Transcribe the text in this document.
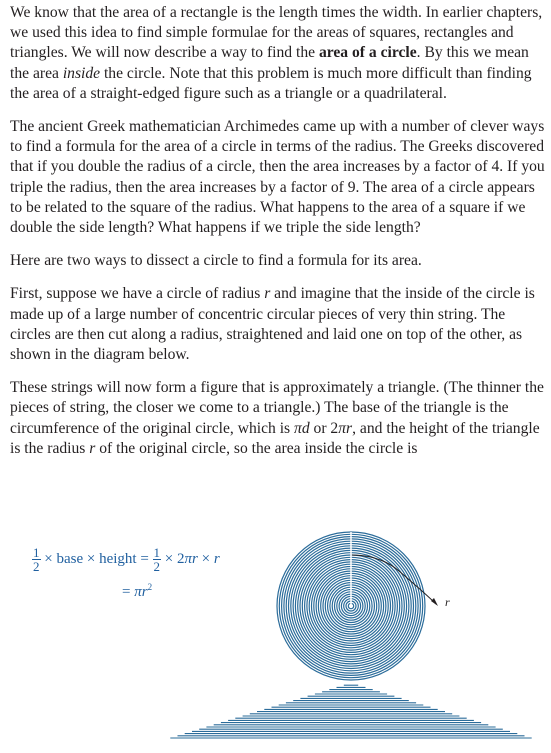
We know that the area of a rectangle is the length times the width. In earlier chapters, we used this idea to find simple formulae for the areas of squares, rectangles and triangles. We will now describe a way to find the area of a circle. By this we mean the area inside the circle. Note that this problem is much more difficult than finding the area of a straight-edged figure such as a triangle or a quadrilateral.

The ancient Greek mathematician Archimedes came up with a number of clever ways to find a formula for the area of a circle in terms of the radius. The Greeks discovered that if you double the radius of a circle, then the area increases by a factor of 4. If you triple the radius, then the area increases by a factor of 9. The area of a circle appears to be related to the square of the radius. What happens to the area of a square if we double the side length? What happens if we triple the side length?

Here are two ways to dissect a circle to find a formula for its area.

First, suppose we have a circle of radius r and imagine that the inside of the circle is made up of a large number of concentric circular pieces of very thin string. The circles are then cut along a radius, straightened and laid one on top of the other, as shown in the diagram below.

These strings will now form a figure that is approximately a triangle. (The thinner the pieces of string, the closer we come to a triangle.) The base of the triangle is the circumference of the original circle, which is πd or 2πr, and the height of the triangle is the radius r of the original circle, so the area inside the circle is

$\frac{1}{2}$ × base × height = $\frac{1}{2} \times 2\pi r \times r$
= $\pi r^2$
r
